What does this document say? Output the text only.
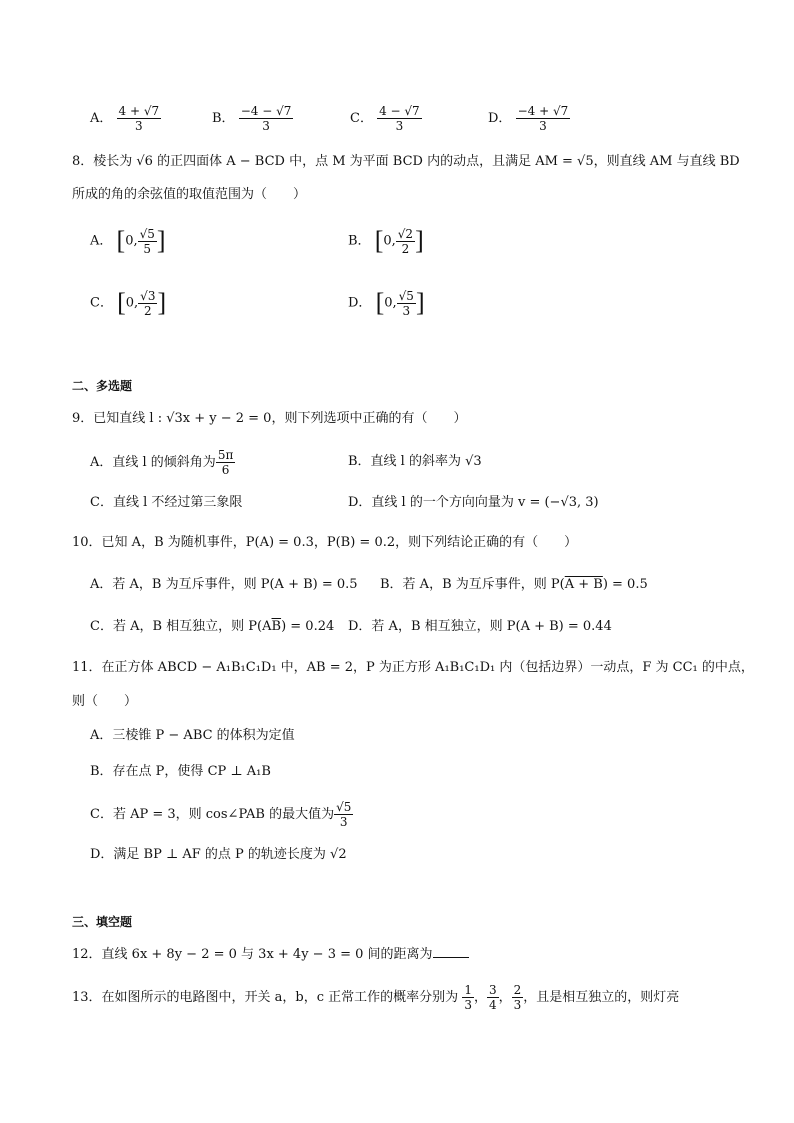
A． $\frac{4 + √7}{3}$	B． $\frac{-4 - √7}{3}$	C． $\frac{4 - √7}{3}$	D． $\frac{-4 + √7}{3}$
8．棱长为 √6 的正四面体 A − BCD 中，点 M 为平面 BCD 内的动点，且满足 AM = √5，则直线 AM 与直线 BD
所成的角的余弦值的取值范围为（　　）
A． [0, $\frac{√5}{5}$ ]	B． [0, $\frac{√2}{2}$ ]
C． [0, $\frac{√3}{2}$ ]	D． [0, $\frac{√5}{3}$ ]
二、多选题
9．已知直线 l : √3x + y − 2 = 0，则下列选项中正确的有（　　）
A．直线 l 的倾斜角为 $\frac{5\pi}{6}$	B．直线 l 的斜率为 √3
C．直线 l 不经过第三象限	D．直线 l 的一个方向向量为 v = (−√3, 3)
10．已知 A，B 为随机事件，P(A) = 0.3，P(B) = 0.2，则下列结论正确的有（　　）
A．若 A，B 为互斥事件，则 P(A + B) = 0.5 B．若 A，B 为互斥事件，则 P(A + B) = 0.5
C．若 A，B 相互独立，则 $P(A\overline{B}) = 0.24$ D．若 A，B 相互独立，则 P(A + B) = 0.44
11．在正方体 ABCD − A₁B₁C₁D₁ 中，AB = 2，P 为正方形 A₁B₁C₁D₁ 内（包括边界）一动点，F 为 CC₁ 的中点，
则（　　）
A．三棱锥 P − ABC 的体积为定值
B．存在点 P，使得 CP ⊥ A₁B
C．若 AP = 3，则 cos∠PAB 的最大值为 $\frac{√5}{3}$
D．满足 BP ⊥ AF 的点 P 的轨迹长度为 √2
三、填空题
12．直线 6x + 8y − 2 = 0 与 3x + 4y − 3 = 0 间的距离为
13．在如图所示的电路图中，开关 a，b，c 正常工作的概率分别为 $\frac{1}{3}$ ， $\frac{3}{4}$ ， $\frac{2}{3}$ ，且是相互独立的，则灯亮
